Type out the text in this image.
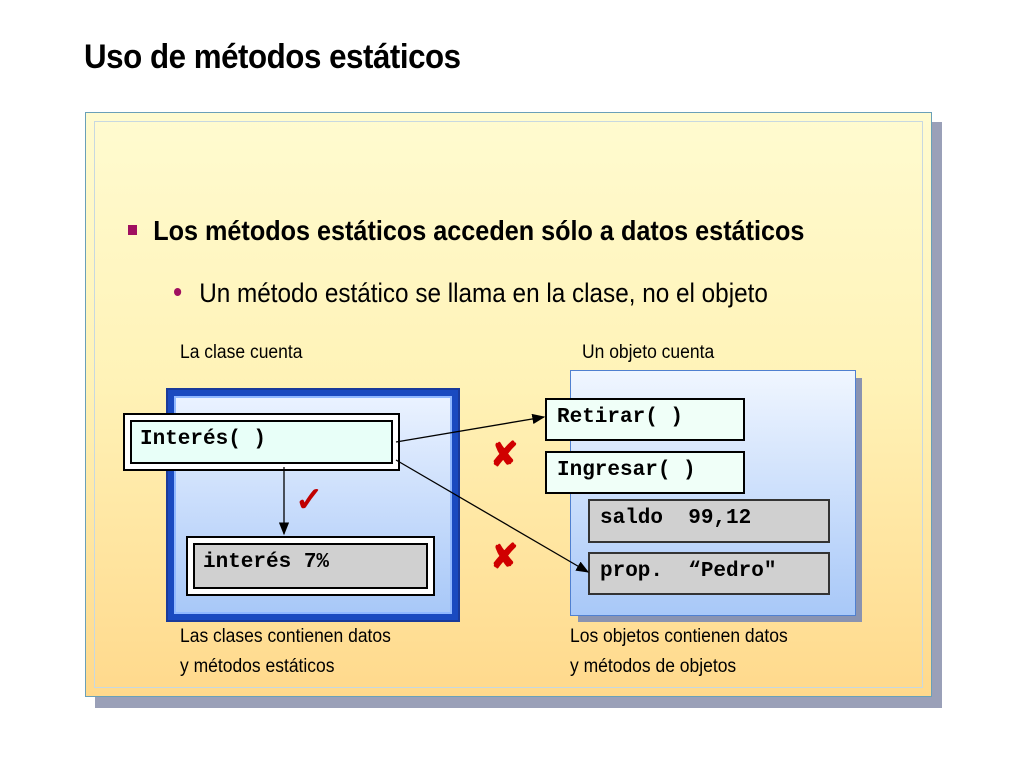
Uso de métodos estáticos
Los métodos estáticos acceden sólo a datos estáticos
Un método estático se llama en la clase, no el objeto
La clase cuenta	Un objeto cuenta
Interés( )
interés 7%
Retirar( )
Ingresar( )
saldo  99,12
prop.  “Pedro"
✓
✘
✘
Las clases contienen datos
y métodos estáticos
Los objetos contienen datos
y métodos de objetos
